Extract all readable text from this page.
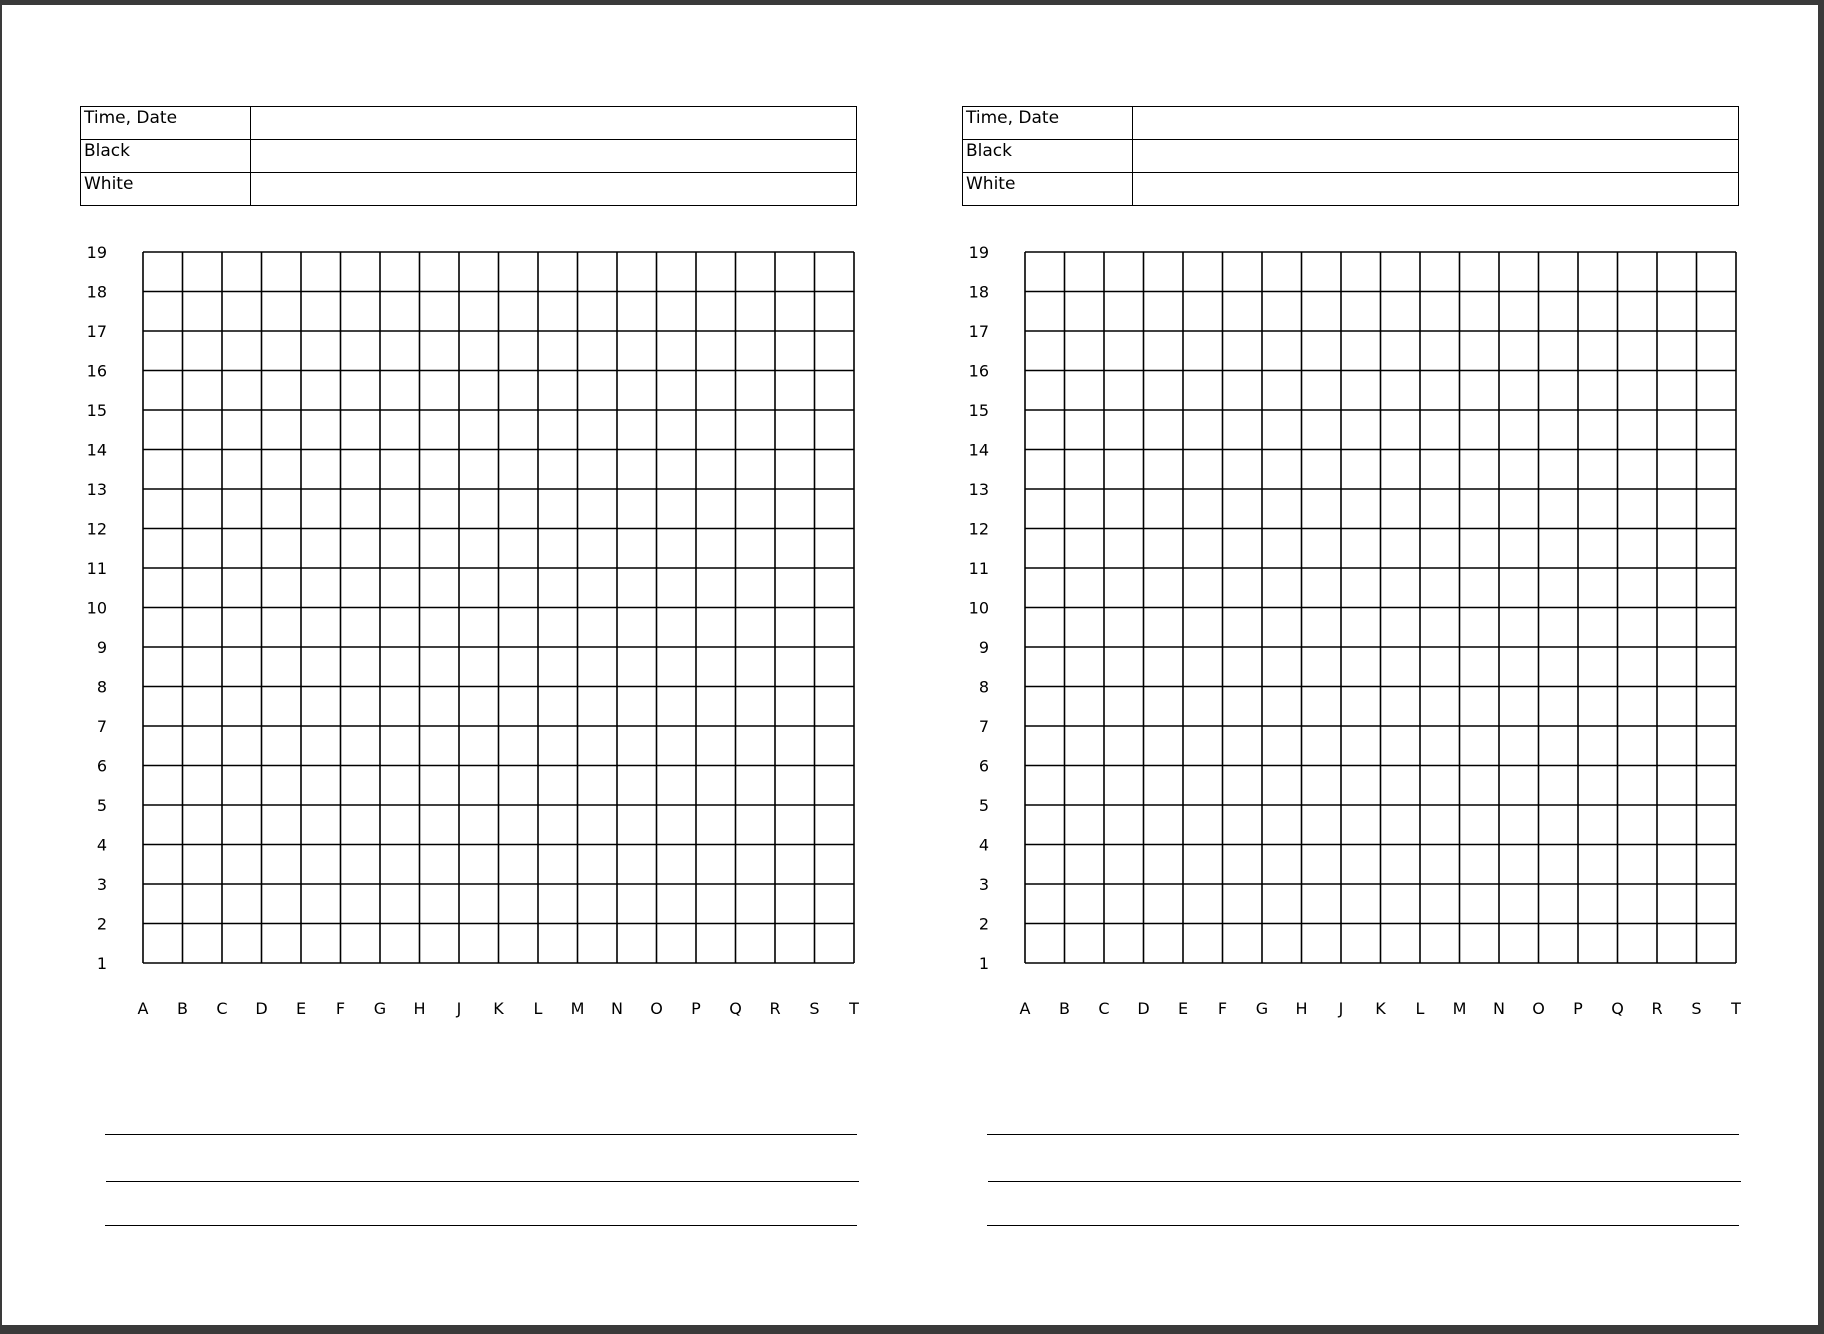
Time, Date	
Black	
White	
19
18
17
16
15
14
13
12
11
10
9
8
7
6
5
4
3
2
1
A B C D E F G H J K L M N O P Q R S T
Time, Date	
Black	
White	
19
18
17
16
15
14
13
12
11
10
9
8
7
6
5
4
3
2
1
A B C D E F G H J K L M N O P Q R S T
